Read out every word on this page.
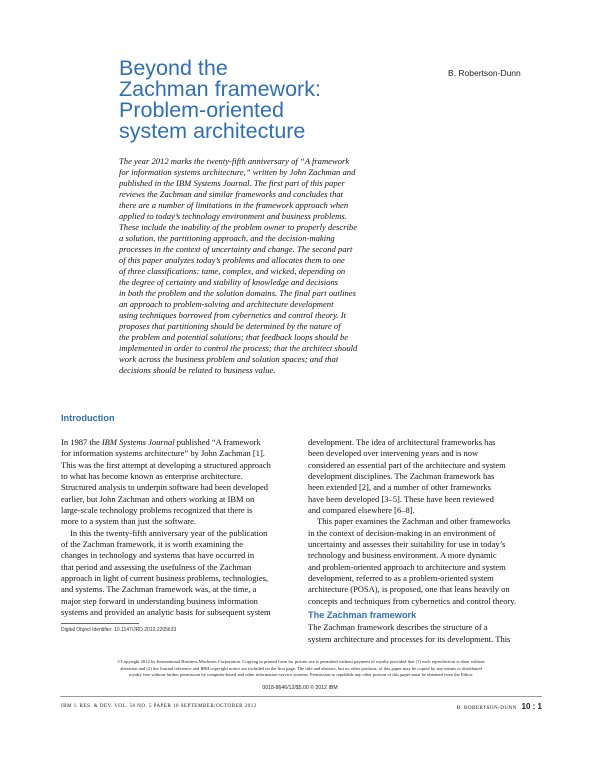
Beyond the
Zachman framework:
Problem-oriented
system architecture
B. Robertson-Dunn
The year 2012 marks the twenty-fifth anniversary of “A framework
for information systems architecture,” written by John Zachman and
published in the IBM Systems Journal. The first part of this paper
reviews the Zachman and similar frameworks and concludes that
there are a number of limitations in the framework approach when
applied to today’s technology environment and business problems.
These include the inability of the problem owner to properly describe
a solution, the partitioning approach, and the decision-making
processes in the context of uncertainty and change. The second part
of this paper analyzes today’s problems and allocates them to one
of three classifications: tame, complex, and wicked, depending on
the degree of certainty and stability of knowledge and decisions
in both the problem and the solution domains. The final part outlines
an approach to problem-solving and architecture development
using techniques borrowed from cybernetics and control theory. It
proposes that partitioning should be determined by the nature of
the problem and potential solutions; that feedback loops should be
implemented in order to control the process; that the architect should
work across the business problem and solution spaces; and that
decisions should be related to business value.
Introduction
In 1987 the IBM Systems Journal published “A framework
for information systems architecture” by John Zachman [1].
This was the first attempt at developing a structured approach
to what has become known as enterprise architecture.
Structured analysis to underpin software had been developed
earlier, but John Zachman and others working at IBM on
large-scale technology problems recognized that there is
more to a system than just the software.
In this the twenty-fifth anniversary year of the publication
of the Zachman framework, it is worth examining the
changes in technology and systems that have occurred in
that period and assessing the usefulness of the Zachman
approach in light of current business problems, technologies,
and systems. The Zachman framework was, at the time, a
major step forward in understanding business information
systems and provided an analytic basis for subsequent system
development. The idea of architectural frameworks has
been developed over intervening years and is now
considered an essential part of the architecture and system
development disciplines. The Zachman framework has
been extended [2], and a number of other frameworks
have been developed [3–5]. These have been reviewed
and compared elsewhere [6–8].
This paper examines the Zachman and other frameworks
in the context of decision-making in an environment of
uncertainty and assesses their suitability for use in today’s
technology and business environment. A more dynamic
and problem-oriented approach to architecture and system
development, referred to as a problem-oriented system
architecture (POSA), is proposed, one that leans heavily on
concepts and techniques from cybernetics and control theory.
The Zachman framework
The Zachman framework describes the structure of a
system architecture and processes for its development. This
Digital Object Identifier: 10.1147/JRD.2012.2205633
©Copyright 2012 by International Business Machines Corporation. Copying in printed form for private use is permitted without payment of royalty provided that (1) each reproduction is done without
alteration and (2) the Journal reference and IBM copyright notice are included on the first page. The title and abstract, but no other portions, of this paper may be copied by any means or distributed
royalty free without further permission by computer-based and other information-service systems. Permission to republish any other portion of this paper must be obtained from the Editor.
0018-8646/12/$5.00 © 2012 IBM
IBM J. RES. & DEV. VOL. 56 NO. 5 PAPER 10 SEPTEMBER/OCTOBER 2012	B. ROBERTSON-DUNN 10 : 1
